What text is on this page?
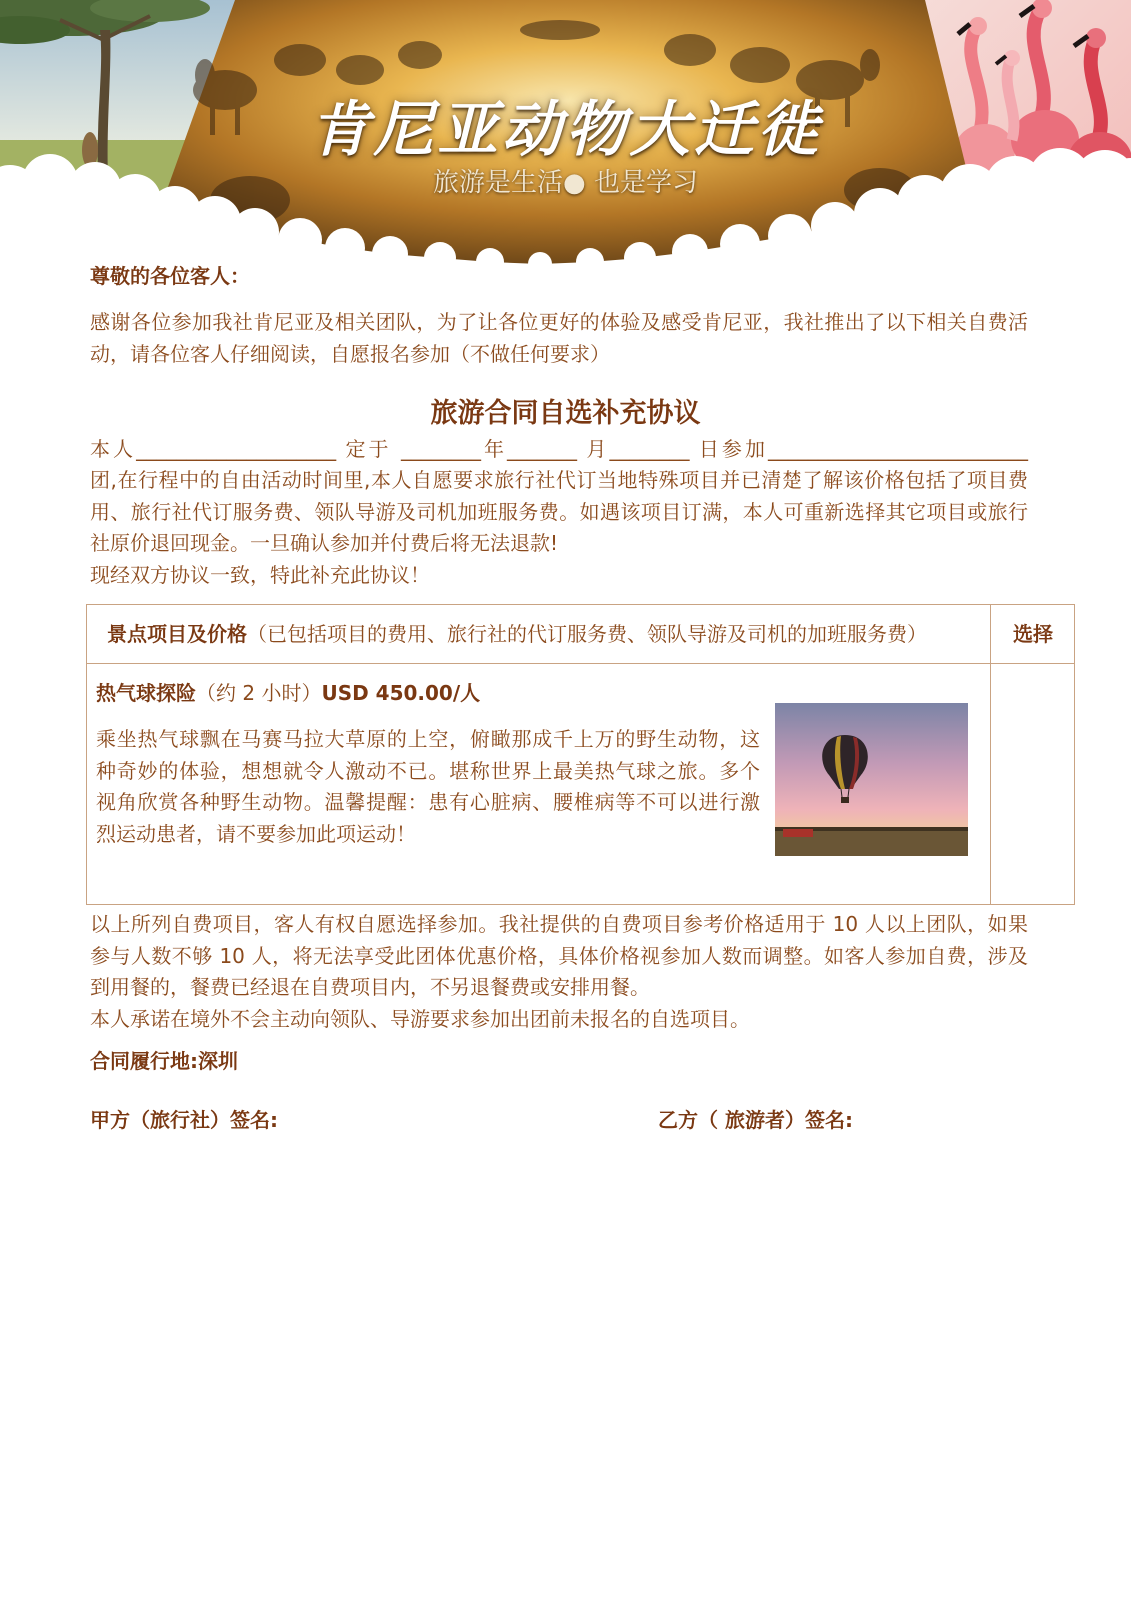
肯尼亚动物大迁徙
旅游是生活● 也是学习
尊敬的各位客人：
感谢各位参加我社肯尼亚及相关团队，为了让各位更好的体验及感受肯尼亚，我社推出了以下相关自费活
动，请各位客人仔细阅读，自愿报名参加（不做任何要求）
旅游合同自选补充协议
本人____________________ 定于 ________年_______ 月________ 日参加__________________________
团,在行程中的自由活动时间里,本人自愿要求旅行社代订当地特殊项目并已清楚了解该价格包括了项目费
用、旅行社代订服务费、领队导游及司机加班服务费。如遇该项目订满，本人可重新选择其它项目或旅行
社原价退回现金。一旦确认参加并付费后将无法退款!
现经双方协议一致，特此补充此协议！
景点项目及价格（已包括项目的费用、旅行社的代订服务费、领队导游及司机的加班服务费）	选择
热气球探险（约 2 小时）USD 450.00/人
乘坐热气球飘在马赛马拉大草原的上空，俯瞰那成千上万的野生动物，这
种奇妙的体验，想想就令人激动不已。堪称世界上最美热气球之旅。多个
视角欣赏各种野生动物。温馨提醒：患有心脏病、腰椎病等不可以进行激
烈运动患者，请不要参加此项运动！
以上所列自费项目，客人有权自愿选择参加。我社提供的自费项目参考价格适用于 10 人以上团队，如果
参与人数不够 10 人，将无法享受此团体优惠价格，具体价格视参加人数而调整。如客人参加自费，涉及
到用餐的，餐费已经退在自费项目内，不另退餐费或安排用餐。
本人承诺在境外不会主动向领队、导游要求参加出团前未报名的自选项目。
合同履行地:深圳
甲方（旅行社）签名:	乙方（ 旅游者）签名:
